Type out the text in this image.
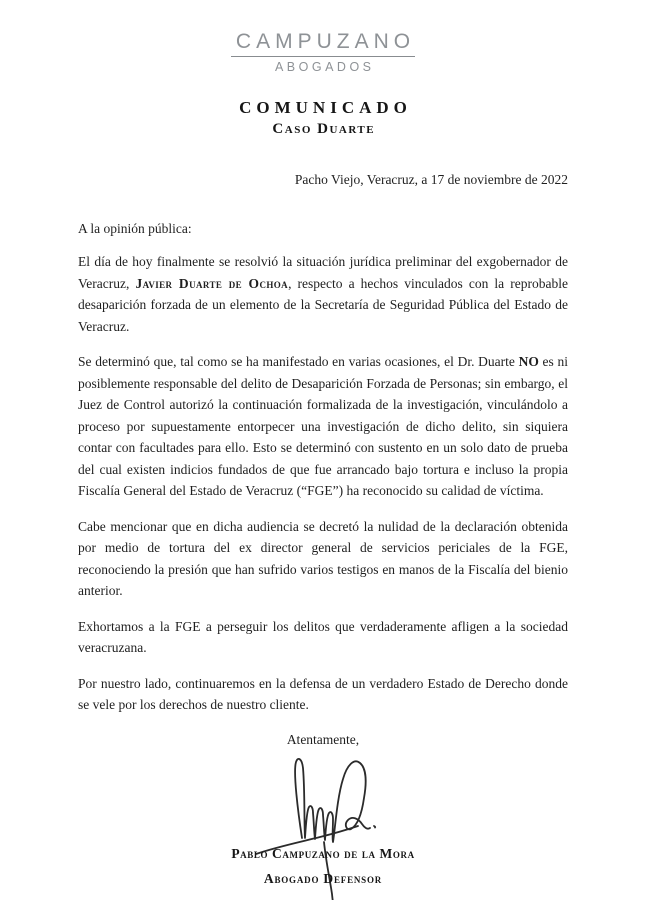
CAMPUZANO
ABOGADOS
COMUNICADO
Caso Duarte
Pacho Viejo, Veracruz, a 17 de noviembre de 2022
A la opinión pública:

El día de hoy finalmente se resolvió la situación jurídica preliminar del exgobernador de Veracruz, Javier Duarte de Ochoa, respecto a hechos vinculados con la reprobable desaparición forzada de un elemento de la Secretaría de Seguridad Pública del Estado de Veracruz.

Se determinó que, tal como se ha manifestado en varias ocasiones, el Dr. Duarte NO es ni posiblemente responsable del delito de Desaparición Forzada de Personas; sin embargo, el Juez de Control autorizó la continuación formalizada de la investigación, vinculándolo a proceso por supuestamente entorpecer una investigación de dicho delito, sin siquiera contar con facultades para ello. Esto se determinó con sustento en un solo dato de prueba del cual existen indicios fundados de que fue arrancado bajo tortura e incluso la propia Fiscalía General del Estado de Veracruz (“FGE”) ha reconocido su calidad de víctima.

Cabe mencionar que en dicha audiencia se decretó la nulidad de la declaración obtenida por medio de tortura del ex director general de servicios periciales de la FGE, reconociendo la presión que han sufrido varios testigos en manos de la Fiscalía del bienio anterior.

Exhortamos a la FGE a perseguir los delitos que verdaderamente afligen a la sociedad veracruzana.

Por nuestro lado, continuaremos en la defensa de un verdadero Estado de Derecho donde se vele por los derechos de nuestro cliente.

Atentamente,
Pablo Campuzano de la Mora
Abogado Defensor
